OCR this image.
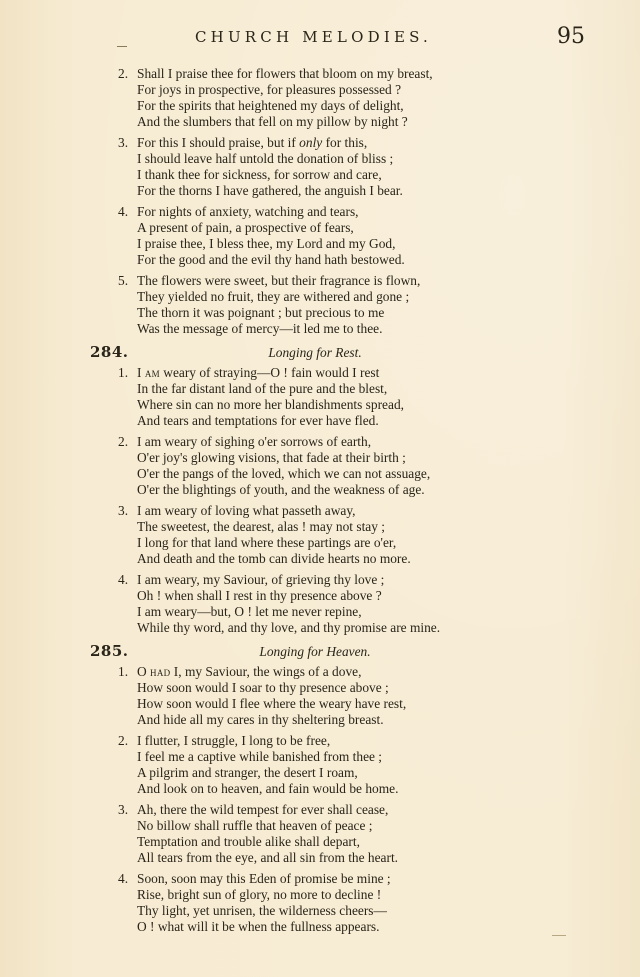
CHURCH MELODIES.	95
2. Shall I praise thee for flowers that bloom on my breast,
For joys in prospective, for pleasures possessed ?
For the spirits that heightened my days of delight,
And the slumbers that fell on my pillow by night ?
3. For this I should praise, but if only for this,
I should leave half untold the donation of bliss ;
I thank thee for sickness, for sorrow and care,
For the thorns I have gathered, the anguish I bear.
4. For nights of anxiety, watching and tears,
A present of pain, a prospective of fears,
I praise thee, I bless thee, my Lord and my God,
For the good and the evil thy hand hath bestowed.
5. The flowers were sweet, but their fragrance is flown,
They yielded no fruit, they are withered and gone ;
The thorn it was poignant ; but precious to me
Was the message of mercy—it led me to thee.
284.	Longing for Rest.
1. I am weary of straying—O ! fain would I rest
In the far distant land of the pure and the blest,
Where sin can no more her blandishments spread,
And tears and temptations for ever have fled.
2. I am weary of sighing o'er sorrows of earth,
O'er joy's glowing visions, that fade at their birth ;
O'er the pangs of the loved, which we can not assuage,
O'er the blightings of youth, and the weakness of age.
3. I am weary of loving what passeth away,
The sweetest, the dearest, alas ! may not stay ;
I long for that land where these partings are o'er,
And death and the tomb can divide hearts no more.
4. I am weary, my Saviour, of grieving thy love ;
Oh ! when shall I rest in thy presence above ?
I am weary—but, O ! let me never repine,
While thy word, and thy love, and thy promise are mine.
285.	Longing for Heaven.
1. O had I, my Saviour, the wings of a dove,
How soon would I soar to thy presence above ;
How soon would I flee where the weary have rest,
And hide all my cares in thy sheltering breast.
2. I flutter, I struggle, I long to be free,
I feel me a captive while banished from thee ;
A pilgrim and stranger, the desert I roam,
And look on to heaven, and fain would be home.
3. Ah, there the wild tempest for ever shall cease,
No billow shall ruffle that heaven of peace ;
Temptation and trouble alike shall depart,
All tears from the eye, and all sin from the heart.
4. Soon, soon may this Eden of promise be mine ;
Rise, bright sun of glory, no more to decline !
Thy light, yet unrisen, the wilderness cheers—
O ! what will it be when the fullness appears.
